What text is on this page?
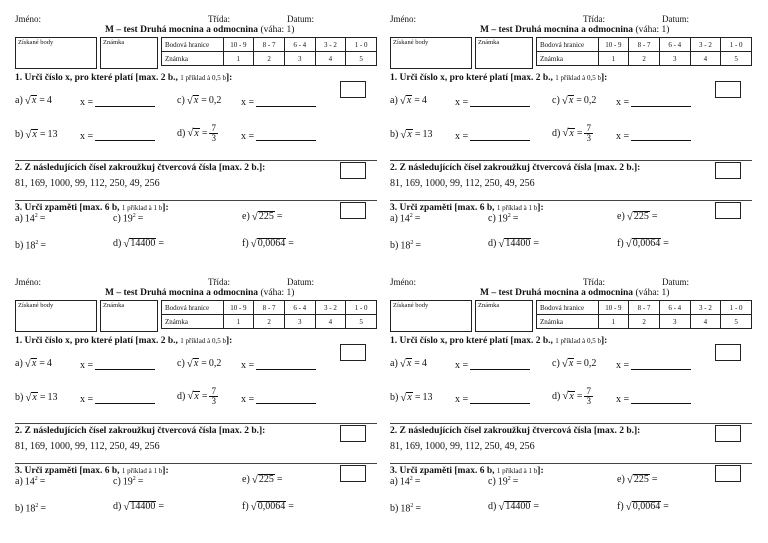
Jméno:	Třída:	Datum:
M – test Druhá mocnina a odmocnina (váha: 1)
Získané body	Známka	Bodová hranice	10 - 9	8 - 7	6 - 4	3 - 2	1 - 0
Známka	1	2	3	4	5
1. Urči číslo x, pro které platí [max. 2 b., 1 příklad à 0,5 b]:
a) √ x = 4	x =	c) √ x = 0,2 x =
b) √ x = 13 x =	d) √ $x = \frac{7}{3}$ x =
2. Z následujících čísel zakroužkuj čtvercová čísla [max. 2 b.]:
81, 169, 1000, 99, 112, 250, 49, 256
3. Urči zpaměti [max. 6 b, 1 příklad à 1 b]:
a) $14^2$ =	c) $19^2$ =	e) √ 225 =
b) $18^2$ =	d) √ 14400 =	f) √ 0,0064 =
Jméno:	Třída:	Datum:
M – test Druhá mocnina a odmocnina (váha: 1)
Získané body	Známka	Bodová hranice	10 - 9	8 - 7	6 - 4	3 - 2	1 - 0
Známka	1	2	3	4	5
1. Urči číslo x, pro které platí [max. 2 b., 1 příklad à 0,5 b]:
a) √ x = 4	x =	c) √ x = 0,2 x =
b) √ x = 13 x =	d) √ $x = \frac{7}{3}$ x =
2. Z následujících čísel zakroužkuj čtvercová čísla [max. 2 b.]:
81, 169, 1000, 99, 112, 250, 49, 256
3. Urči zpaměti [max. 6 b, 1 příklad à 1 b]:
a) $14^2$ =	c) $19^2$ =	e) √ 225 =
b) $18^2$ =	d) √ 14400 =	f) √ 0,0064 =
Jméno:	Třída:	Datum:
M – test Druhá mocnina a odmocnina (váha: 1)
Získané body	Známka	Bodová hranice	10 - 9	8 - 7	6 - 4	3 - 2	1 - 0
Známka	1	2	3	4	5
1. Urči číslo x, pro které platí [max. 2 b., 1 příklad à 0,5 b]:
a) √ x = 4	x =	c) √ x = 0,2 x =
b) √ x = 13 x =	d) √ $x = \frac{7}{3}$ x =
2. Z následujících čísel zakroužkuj čtvercová čísla [max. 2 b.]:
81, 169, 1000, 99, 112, 250, 49, 256
3. Urči zpaměti [max. 6 b, 1 příklad à 1 b]:
a) $14^2$ =	c) $19^2$ =	e) √ 225 =
b) $18^2$ =	d) √ 14400 =	f) √ 0,0064 =
Jméno:	Třída:	Datum:
M – test Druhá mocnina a odmocnina (váha: 1)
Získané body	Známka	Bodová hranice	10 - 9	8 - 7	6 - 4	3 - 2	1 - 0
Známka	1	2	3	4	5
1. Urči číslo x, pro které platí [max. 2 b., 1 příklad à 0,5 b]:
a) √ x = 4	x =	c) √ x = 0,2 x =
b) √ x = 13 x =	d) √ $x = \frac{7}{3}$ x =
2. Z následujících čísel zakroužkuj čtvercová čísla [max. 2 b.]:
81, 169, 1000, 99, 112, 250, 49, 256
3. Urči zpaměti [max. 6 b, 1 příklad à 1 b]:
a) $14^2$ =	c) $19^2$ =	e) √ 225 =
b) $18^2$ =	d) √ 14400 =	f) √ 0,0064 =
